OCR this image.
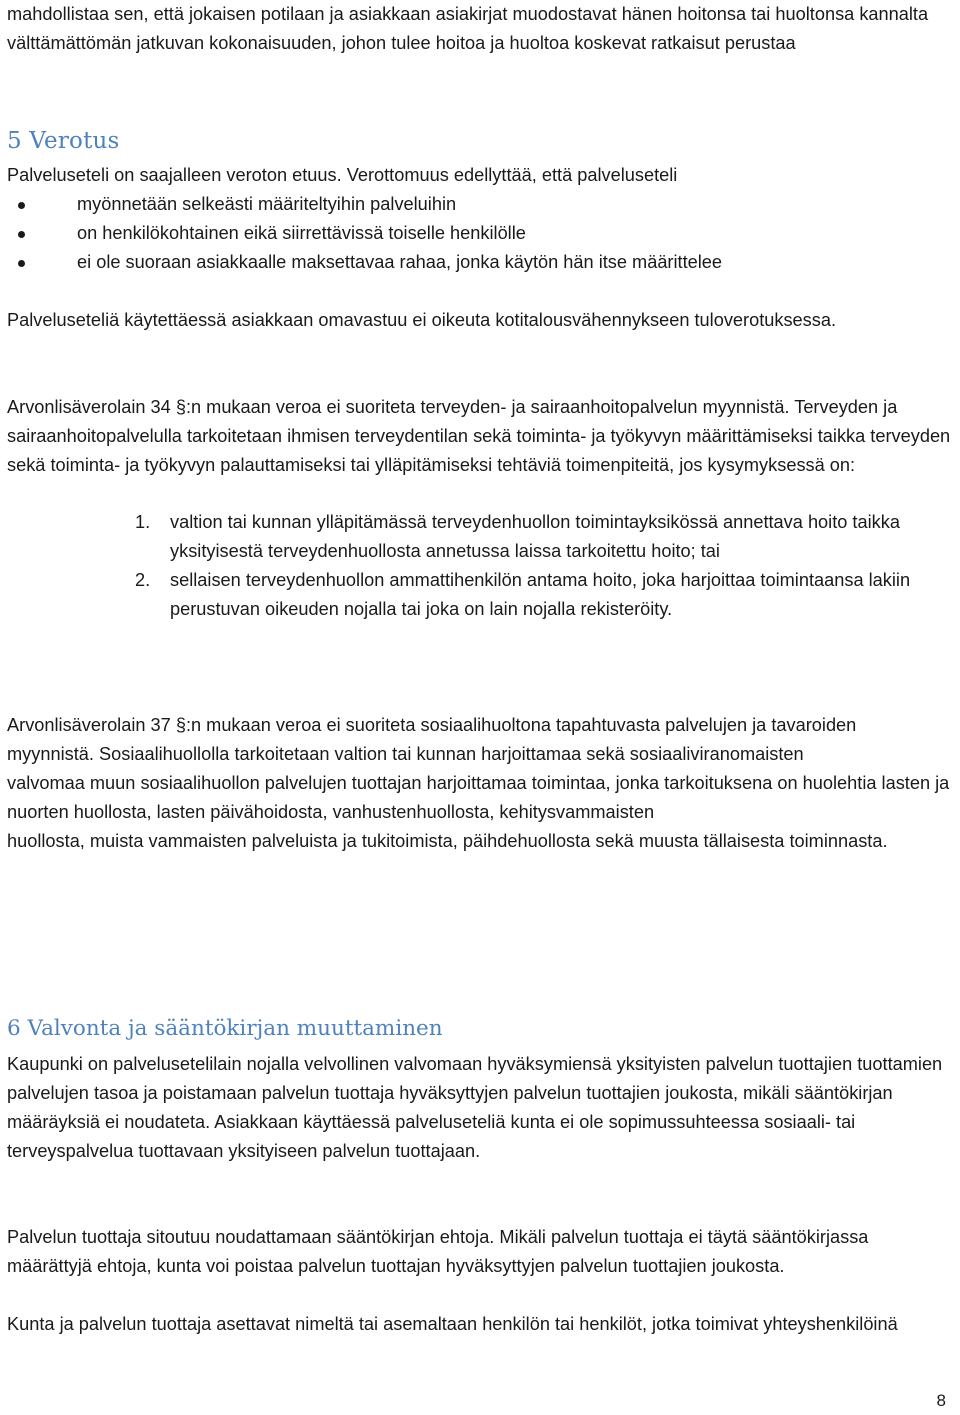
mahdollistaa sen, että jokaisen potilaan ja asiakkaan asiakirjat muodostavat hänen hoitonsa tai huoltonsa kannalta välttämättömän jatkuvan kokonaisuuden, johon tulee hoitoa ja huoltoa koskevat ratkaisut perustaa

5 Verotus

Palveluseteli on saajalleen veroton etuus. Verottomuus edellyttää, että palveluseteli

myönnetään selkeästi määriteltyihin palveluihin
on henkilökohtainen eikä siirrettävissä toiselle henkilölle
ei ole suoraan asiakkaalle maksettavaa rahaa, jonka käytön hän itse määrittelee

Palveluseteliä käytettäessä asiakkaan omavastuu ei oikeuta kotitalousvähennykseen tuloverotuksessa.

Arvonlisäverolain 34 §:n mukaan veroa ei suoriteta terveyden- ja sairaanhoitopalvelun myynnistä. Terveyden ja sairaanhoitopalvelulla tarkoitetaan ihmisen terveydentilan sekä toiminta- ja työkyvyn määrittämiseksi taikka terveyden sekä toiminta- ja työkyvyn palauttamiseksi tai ylläpitämiseksi tehtäviä toimenpiteitä, jos kysymyksessä on:

1. valtion tai kunnan ylläpitämässä terveydenhuollon toimintayksikössä annettava hoito taikka yksityisestä terveydenhuollosta annetussa laissa tarkoitettu hoito; tai
2. sellaisen terveydenhuollon ammattihenkilön antama hoito, joka harjoittaa toimintaansa lakiin perustuvan oikeuden nojalla tai joka on lain nojalla rekisteröity.
Arvonlisäverolain 37 §:n mukaan veroa ei suoriteta sosiaalihuoltona tapahtuvasta palvelujen ja tavaroiden
myynnistä. Sosiaalihuollolla tarkoitetaan valtion tai kunnan harjoittamaa sekä sosiaaliviranomaisten
valvomaa muun sosiaalihuollon palvelujen tuottajan harjoittamaa toimintaa, jonka tarkoituksena on huolehtia lasten ja nuorten huollosta, lasten päivähoidosta, vanhustenhuollosta, kehitysvammaisten
huollosta, muista vammaisten palveluista ja tukitoimista, päihdehuollosta sekä muusta tällaisesta toiminnasta.
6 Valvonta ja sääntökirjan muuttaminen

Kaupunki on palvelusetelilain nojalla velvollinen valvomaan hyväksymiensä yksityisten palvelun tuottajien tuottamien palvelujen tasoa ja poistamaan palvelun tuottaja hyväksyttyjen palvelun tuottajien joukosta, mikäli sääntökirjan määräyksiä ei noudateta. Asiakkaan käyttäessä palveluseteliä kunta ei ole sopimussuhteessa sosiaali- tai terveyspalvelua tuottavaan yksityiseen palvelun tuottajaan.

Palvelun tuottaja sitoutuu noudattamaan sääntökirjan ehtoja. Mikäli palvelun tuottaja ei täytä sääntökirjassa määrättyjä ehtoja, kunta voi poistaa palvelun tuottajan hyväksyttyjen palvelun tuottajien joukosta.

Kunta ja palvelun tuottaja asettavat nimeltä tai asemaltaan henkilön tai henkilöt, jotka toimivat yhteyshenkilöinä

8
